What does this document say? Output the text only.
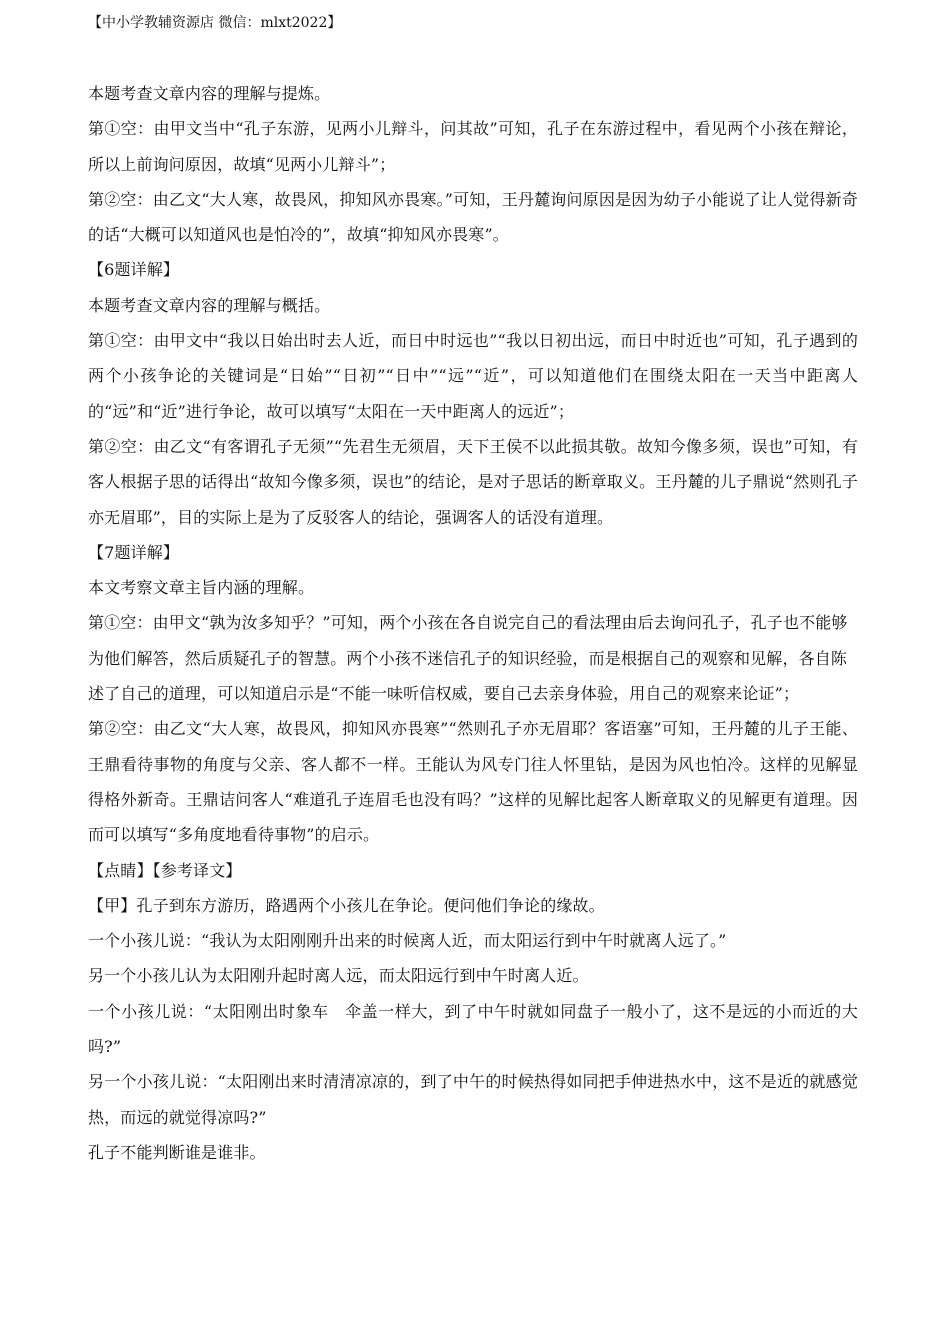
【中小学教辅资源店 微信：mlxt2022】

本题考查文章内容的理解与提炼。

第①空：由甲文当中“孔子东游，见两小儿辩斗，问其故”可知，孔子在东游过程中，看见两个小孩在辩论，所以上前询问原因，故填“见两小儿辩斗”；

第②空：由乙文“大人寒，故畏风，抑知风亦畏寒。”可知，王丹麓询问原因是因为幼子小能说了让人觉得新奇的话“大概可以知道风也是怕冷的”，故填“抑知风亦畏寒”。

【6题详解】

本题考查文章内容的理解与概括。

第①空：由甲文中“我以日始出时去人近，而日中时远也”“我以日初出远，而日中时近也”可知，孔子遇到的两个小孩争论的关键词是“日始”“日初”“日中”“远”“近”，可以知道他们在围绕太阳在一天当中距离人的“远”和“近”进行争论，故可以填写“太阳在一天中距离人的远近”；

第②空：由乙文“有客谓孔子无须”“先君生无须眉，天下王侯不以此损其敬。故知今像多须，误也”可知，有客人根据子思的话得出“故知今像多须，误也”的结论，是对子思话的断章取义。王丹麓的儿子鼎说“然则孔子亦无眉耶”，目的实际上是为了反驳客人的结论，强调客人的话没有道理。

【7题详解】

本文考察文章主旨内涵的理解。

第①空：由甲文“孰为汝多知乎？”可知，两个小孩在各自说完自己的看法理由后去询问孔子，孔子也不能够为他们解答，然后质疑孔子的智慧。两个小孩不迷信孔子的知识经验，而是根据自己的观察和见解，各自陈述了自己的道理，可以知道启示是“不能一味听信权威，要自己去亲身体验，用自己的观察来论证”；

第②空：由乙文“大人寒，故畏风，抑知风亦畏寒”“然则孔子亦无眉耶？客语塞”可知，王丹麓的儿子王能、王鼎看待事物的角度与父亲、客人都不一样。王能认为风专门往人怀里钻，是因为风也怕冷。这样的见解显得格外新奇。王鼎诘问客人“难道孔子连眉毛也没有吗？”这样的见解比起客人断章取义的见解更有道理。因而可以填写“多角度地看待事物”的启示。

【点睛】【参考译文】

【甲】孔子到东方游历，路遇两个小孩儿在争论。便问他们争论的缘故。

一个小孩儿说：“我认为太阳刚刚升出来的时候离人近，而太阳运行到中午时就离人远了。”

另一个小孩儿认为太阳刚升起时离人远，而太阳远行到中午时离人近。

一个小孩儿说：“太阳刚出时象车　伞盖一样大，到了中午时就如同盘子一般小了，这不是远的小而近的大吗?”

另一个小孩儿说：“太阳刚出来时清清凉凉的，到了中午的时候热得如同把手伸进热水中，这不是近的就感觉热，而远的就觉得凉吗?”

孔子不能判断谁是谁非。
